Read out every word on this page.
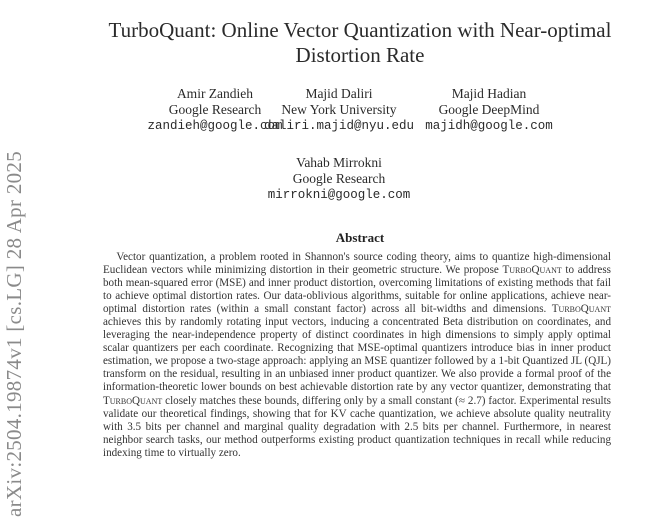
arXiv:2504.19874v1 [cs.LG] 28 Apr 2025
TurboQuant: Online Vector Quantization with Near-optimal
Distortion Rate
Amir Zandieh
Google Research
zandieh@google.com
Majid Daliri
New York University
daliri.majid@nyu.edu
Majid Hadian
Google DeepMind
majidh@google.com
Vahab Mirrokni
Google Research
mirrokni@google.com
Abstract
Vector quantization, a problem rooted in Shannon's source coding theory, aims to quantize high-dimensional Euclidean vectors while minimizing distortion in their geometric structure. We propose TurboQuant to address both mean-squared error (MSE) and inner product distortion, overcoming limitations of existing methods that fail to achieve optimal distortion rates. Our data-oblivious algorithms, suitable for online applications, achieve near-optimal distortion rates (within a small constant factor) across all bit-widths and dimensions. TurboQuant achieves this by randomly rotating input vectors, inducing a concentrated Beta distribution on coordinates, and leveraging the near-independence property of distinct coordinates in high dimensions to simply apply optimal scalar quantizers per each coordinate. Recognizing that MSE-optimal quantizers introduce bias in inner product estimation, we propose a two-stage approach: applying an MSE quantizer followed by a 1-bit Quantized JL (QJL) transform on the residual, resulting in an unbiased inner product quantizer. We also provide a formal proof of the information-theoretic lower bounds on best achievable distortion rate by any vector quantizer, demonstrating that TurboQuant closely matches these bounds, differing only by a small constant (≈ 2.7) factor. Experimental results validate our theoretical findings, showing that for KV cache quantization, we achieve absolute quality neutrality with 3.5 bits per channel and marginal quality degradation with 2.5 bits per channel. Furthermore, in nearest neighbor search tasks, our method outperforms existing product quantization techniques in recall while reducing indexing time to virtually zero.
